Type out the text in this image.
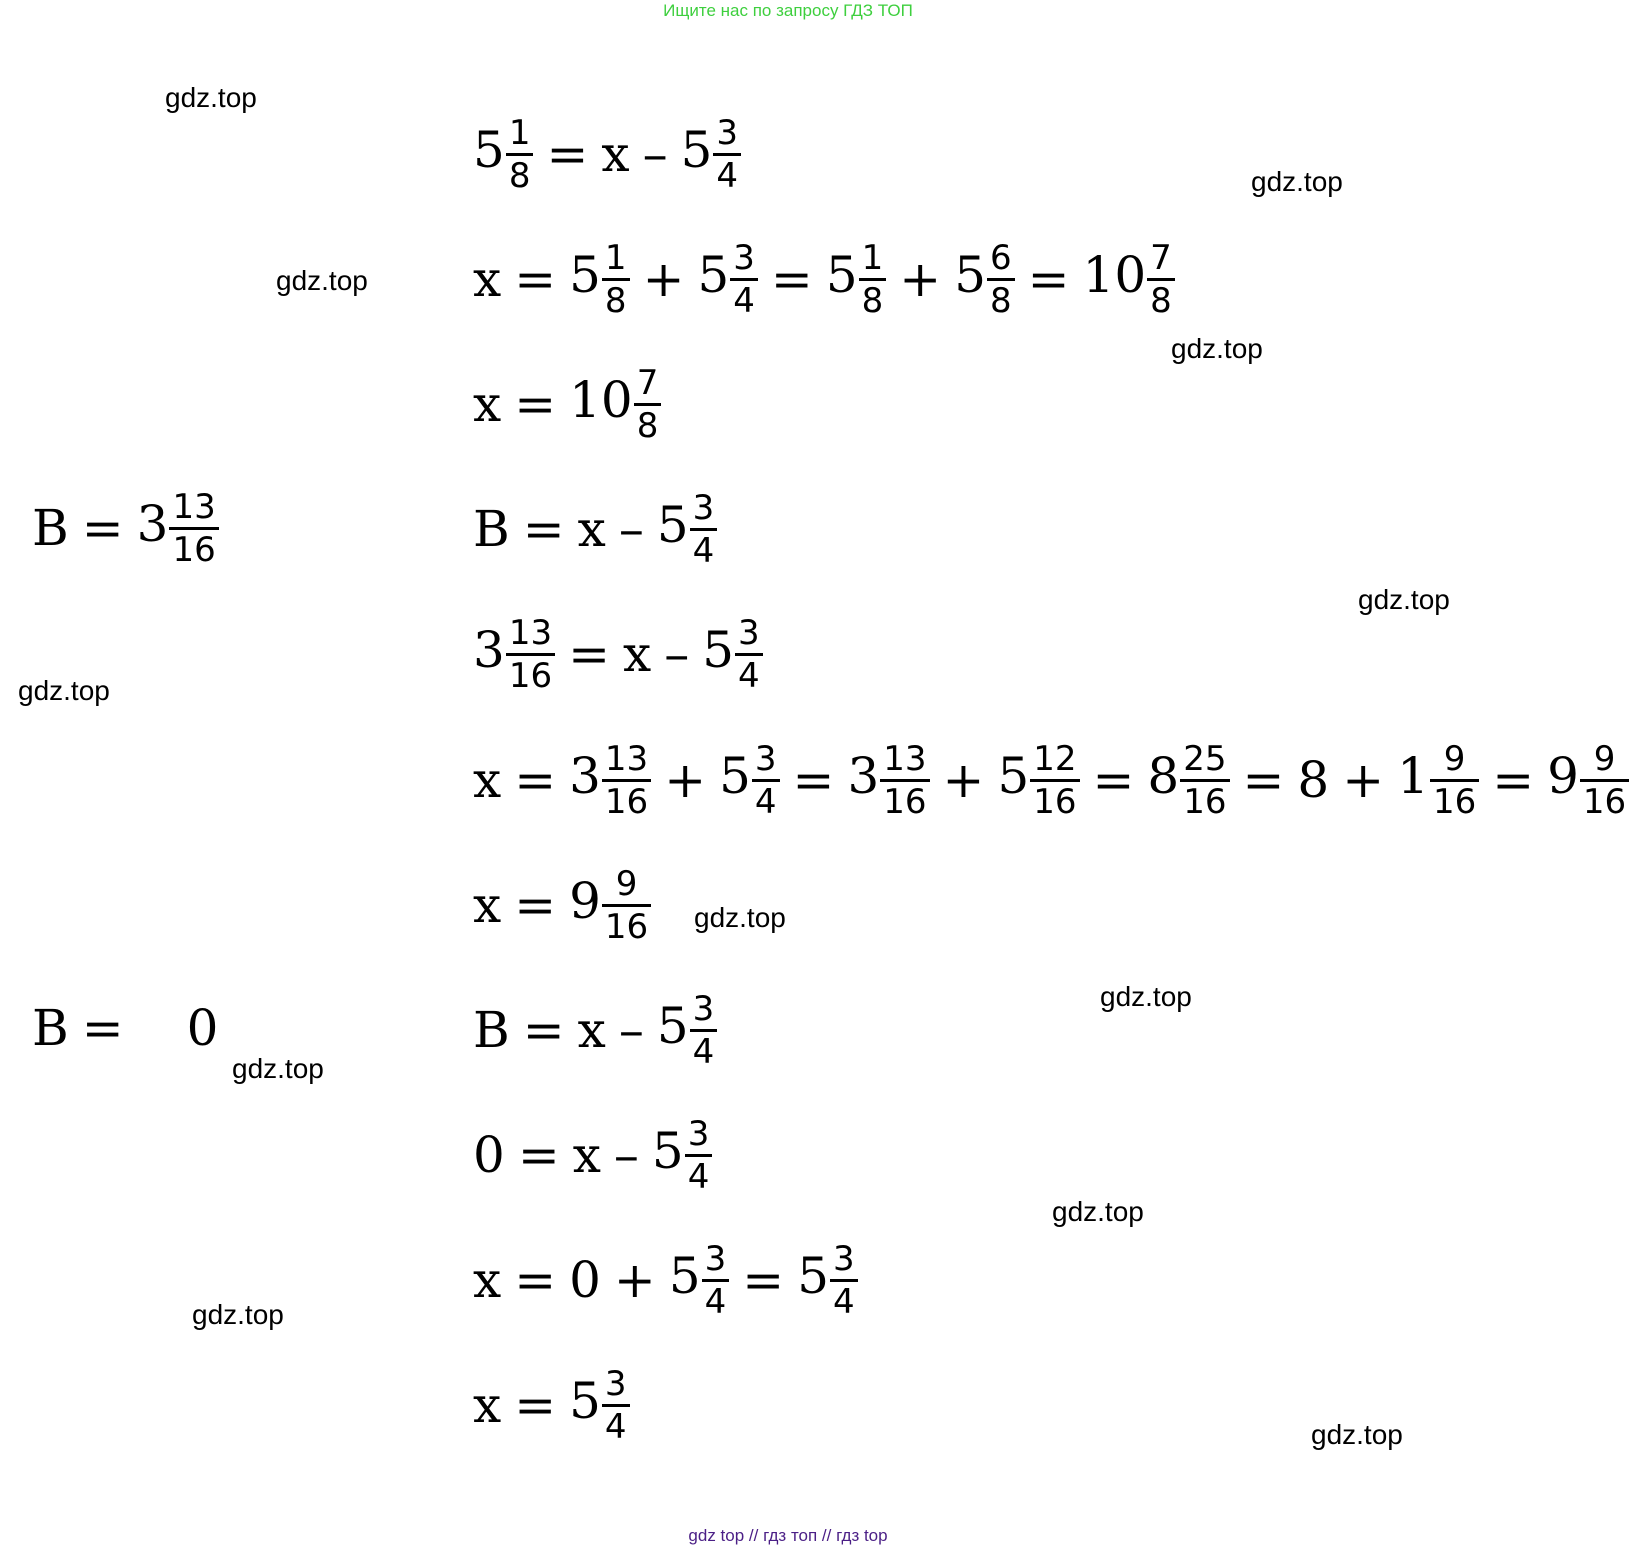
Ищите нас по запросу ГДЗ ТОП
gdz.top
gdz.top
gdz.top
gdz.top
gdz.top
gdz.top
gdz.top
gdz.top
gdz.top
gdz.top
gdz.top
gdz.top
$B = 3 \frac{13}{16}$
B = 0
$5 \frac{1}{8} = x - 5 \frac{3}{4}$
$x = 5 \frac{1}{8} + 5 \frac{3}{4} = 5 \frac{1}{8} + 5 \frac{6}{8} = 10 \frac{7}{8}$
$x = 10 \frac{7}{8}$
$B = x - 5 \frac{3}{4}$
$3 \frac{13}{16} = x - 5 \frac{3}{4}$
$x = 3 \frac{13}{16} + 5 \frac{3}{4} = 3 \frac{13}{16} + 5 \frac{12}{16} = 8 \frac{25}{16} = 8 + 1 \frac{9}{16} = 9 \frac{9}{16}$
$x = 9 \frac{9}{16}$
$B = x - 5 \frac{3}{4}$
$0 = x - 5 \frac{3}{4}$
$x = 0 + 5 \frac{3}{4} = 5 \frac{3}{4}$
$x = 5 \frac{3}{4}$
gdz top // гдз топ // гдз top
